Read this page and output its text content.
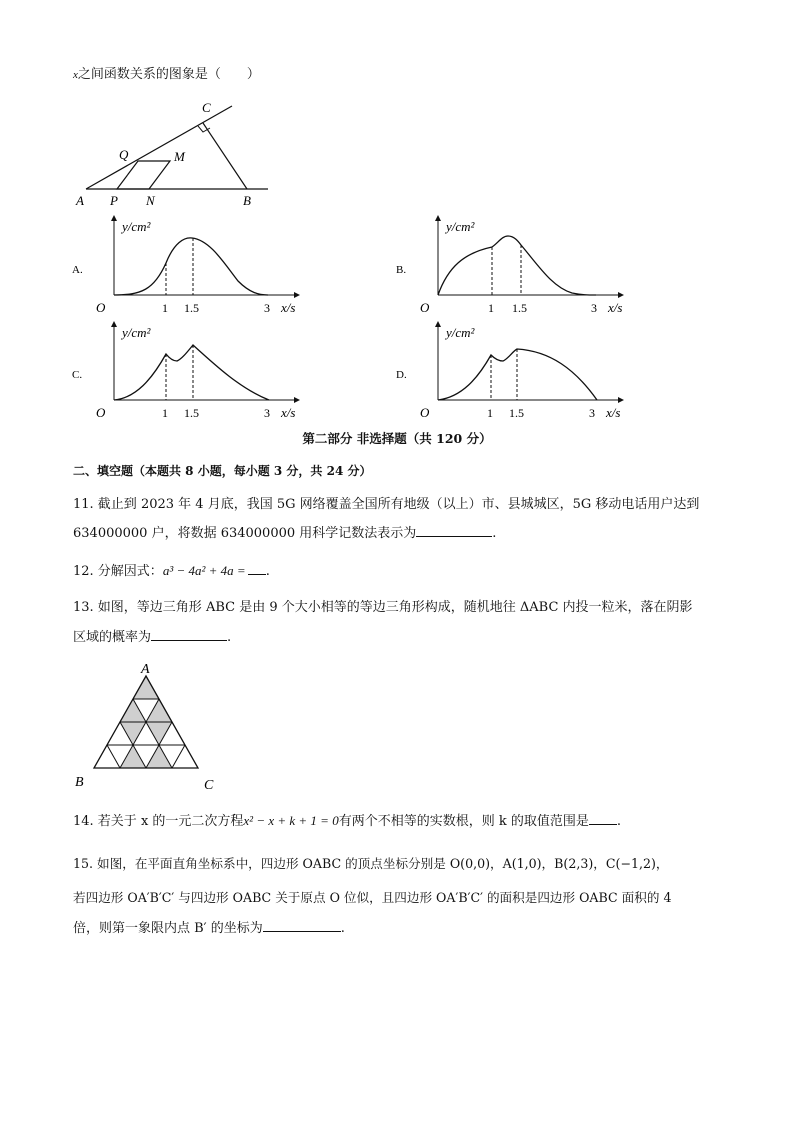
x之间函数关系的图象是（　　）
C
Q	M
A P N	B
A.
y/cm²
O	1 1.5	3 x/s
B.
y/cm²
O	1 1.5	3 x/s
C.
y/cm²
O	1 1.5	3 x/s
D.
y/cm²
O	1 1.5	3 x/s
第二部分 非选择题（共 120 分）
二、填空题（本题共 8 小题，每小题 3 分，共 24 分）
11. 截止到 2023 年 4 月底，我国 5G 网络覆盖全国所有地级（以上）市、县城城区，5G 移动电话用户达到
634000000 户，将数据 634000000 用科学记数法表示为	.
12. 分解因式：a³ − 4a² + 4a = .
13. 如图，等边三角形 ABC 是由 9 个大小相等的等边三角形构成，随机地往 ΔABC 内投一粒米，落在阴影
区域的概率为	.
A
B	C
14. 若关于 x 的一元二次方程x² − x + k + 1 = 0有两个不相等的实数根，则 k 的取值范围是 .
15. 如图，在平面直角坐标系中，四边形 OABC 的顶点坐标分别是 O(0,0)，A(1,0)，B(2,3)，C(−1,2)，
若四边形 OA′B′C′ 与四边形 OABC 关于原点 O 位似，且四边形 OA′B′C′ 的面积是四边形 OABC 面积的 4
倍，则第一象限内点 B′ 的坐标为	.
